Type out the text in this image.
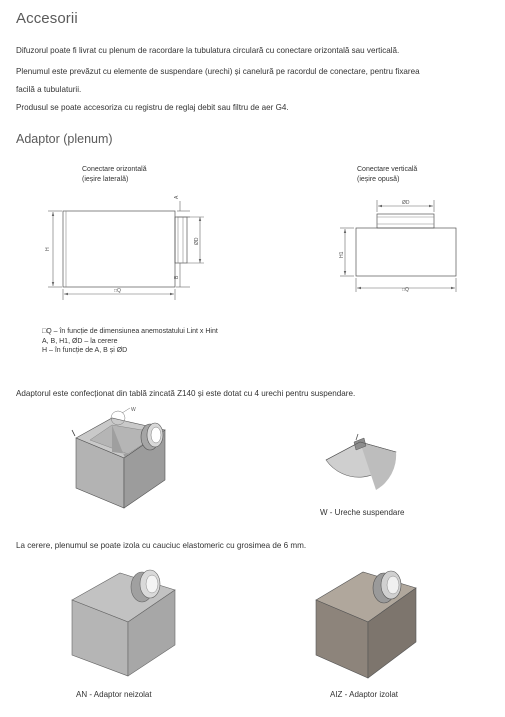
Accesorii
Difuzorul poate fi livrat cu plenum de racordare la tubulatura circulară cu conectare orizontală sau verticală.
Plenumul este prevăzut cu elemente de suspendare (urechi) și canelură pe racordul de conectare, pentru fixarea
facilă a tubulaturii.
Produsul se poate accesoriza cu registru de reglaj debit sau filtru de aer G4.
Adaptor (plenum)
Conectare orizontală
(ieșire laterală)
H
A
ØD
B
□Q
Conectare verticală
(ieșire opusă)
ØD
H1
□Q
□Q – în funcție de dimensiunea anemostatului Lint x Hint
A, B, H1, ØD – la cerere
H – în funcție de A, B și ØD
Adaptorul este confecționat din tablă zincată Z140 și este dotat cu 4 urechi pentru suspendare.
W
W - Ureche suspendare
La cerere, plenumul se poate izola cu cauciuc elastomeric cu grosimea de 6 mm.
AN - Adaptor neizolat	AIZ - Adaptor izolat
